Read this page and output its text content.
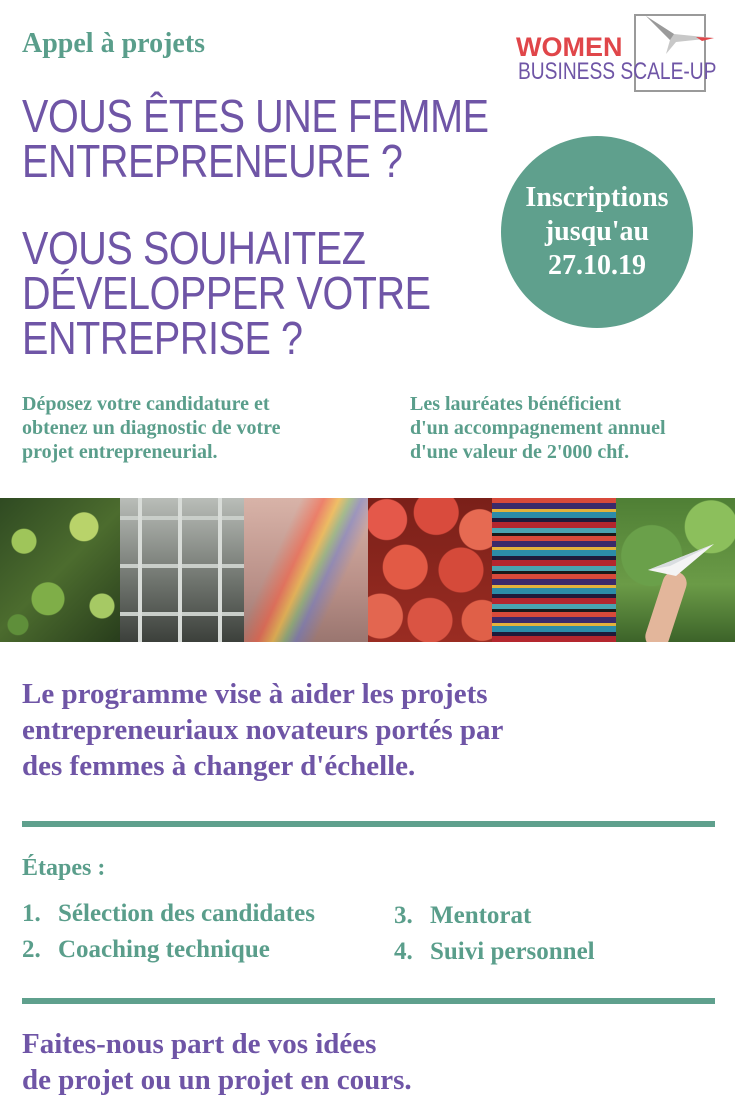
Appel à projets
VOUS ÊTES UNE FEMME
ENTREPRENEURE ?
VOUS SOUHAITEZ
DÉVELOPPER VOTRE
ENTREPRISE ?
WOMEN
BUSINESS SCALE-UP
Inscriptions
jusqu'au
27.10.19
Déposez votre candidature et
obtenez un diagnostic de votre
projet entrepreneurial.
Les lauréates bénéficient
d'un accompagnement annuel
d'une valeur de 2'000 chf.
Le programme vise à aider les projets
entrepreneuriaux novateurs portés par
des femmes à changer d'échelle.
Étapes :
1. Sélection des candidates
2. Coaching technique
3. Mentorat
4. Suivi personnel
Faites-nous part de vos idées
de projet ou un projet en cours.
